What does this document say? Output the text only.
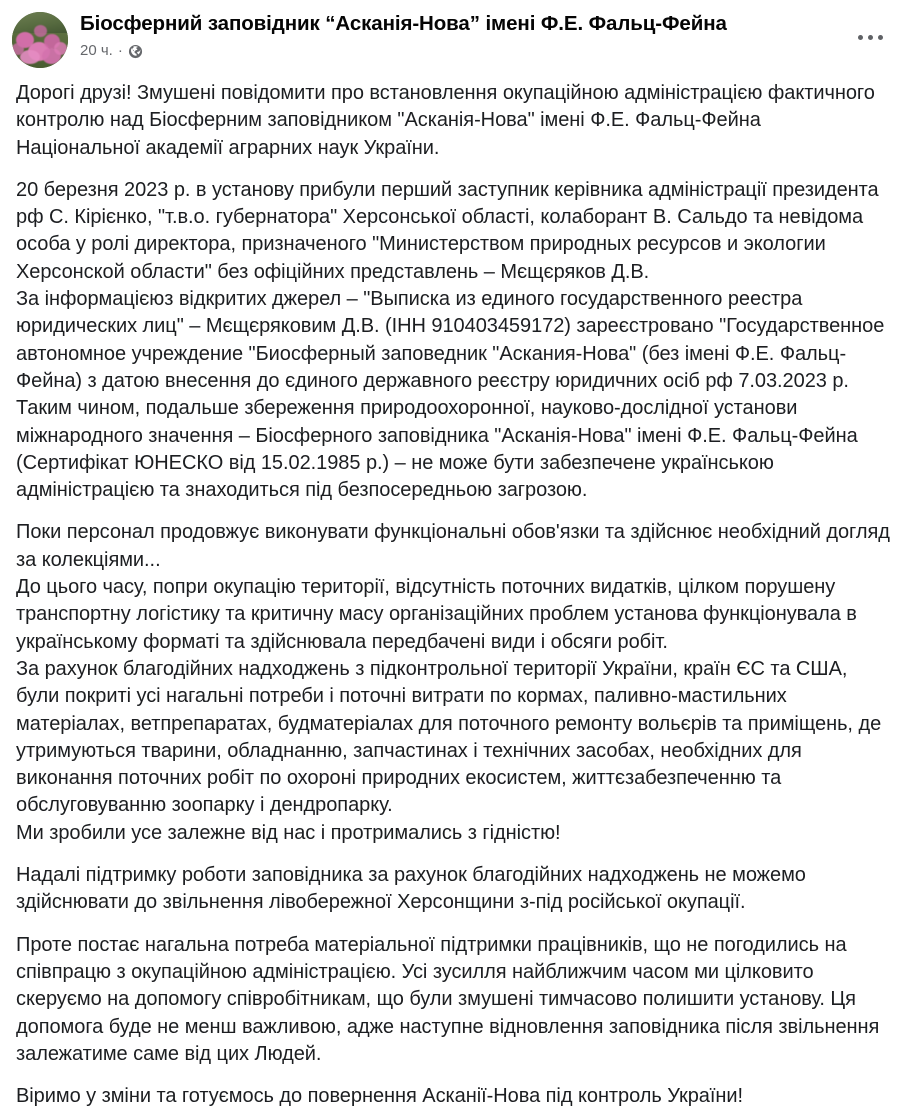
Біосферний заповідник “Асканія-Нова” імені Ф.Е. Фальц-Фейна
20 ч. ·

Дорогі друзі! Змушені повідомити про встановлення окупаційною адміністрацією фактичного контролю над Біосферним заповідником "Асканія-Нова" імені Ф.Е. Фальц-Фейна Національної академії аграрних наук України.

20 березня 2023 р. в установу прибули перший заступник керівника адміністрації президента рф С. Кірієнко, "т.в.о. губернатора" Херсонської області, колаборант В. Сальдо та невідома особа у ролі директора, призначеного "Министерством природных ресурсов и экологии Херсонской области" без офіційних представлень – Мєщєряков Д.В.

За інформацієюз відкритих джерел – "Выписка из единого государственного реестра юридических лиц" – Мєщєряковим Д.В. (ІНН 910403459172) зареєстровано "Государственное автономное учреждение "Биосферный заповедник "Аскания-Нова" (без імені Ф.Е. Фальц-Фейна) з датою внесення до єдиного державного реєстру юридичних осіб рф 7.03.2023 р.

Таким чином, подальше збереження природоохоронної, науково-дослідної установи міжнародного значення – Біосферного заповідника "Асканія-Нова" імені Ф.Е. Фальц-Фейна (Сертифікат ЮНЕСКО від 15.02.1985 р.) – не може бути забезпечене українською адміністрацією та знаходиться під безпосередньою загрозою.

Поки персонал продовжує виконувати функціональні обов'язки та здійснює необхідний догляд за колекціями...

До цього часу, попри окупацію території, відсутність поточних видатків, цілком порушену транспортну логістику та критичну масу організаційних проблем установа функціонувала в українському форматі та здійснювала передбачені види і обсяги робіт.

За рахунок благодійних надходжень з підконтрольної території України, країн ЄС та США, були покриті усі нагальні потреби і поточні витрати по кормах, паливно-мастильних матеріалах, ветпрепаратах, будматеріалах для поточного ремонту вольєрів та приміщень, де утримуються тварини, обладнанню, запчастинах і технічних засобах, необхідних для виконання поточних робіт по охороні природних екосистем, життєзабезпеченню та обслуговуванню зоопарку і дендропарку.

Ми зробили усе залежне від нас і протримались з гідністю!

Надалі підтримку роботи заповідника за рахунок благодійних надходжень не можемо здійснювати до звільнення лівобережної Херсонщини з-під російської окупації.

Проте постає нагальна потреба матеріальної підтримки працівників, що не погодились на співпрацю з окупаційною адміністрацією. Усі зусилля найближчим часом ми цілковито скеруємо на допомогу співробітникам, що були змушені тимчасово полишити установу. Ця допомога буде не менш важливою, адже наступне відновлення заповідника після звільнення залежатиме саме від цих Людей.

Віримо у зміни та готуємось до повернення Асканії-Нова під контроль України!
